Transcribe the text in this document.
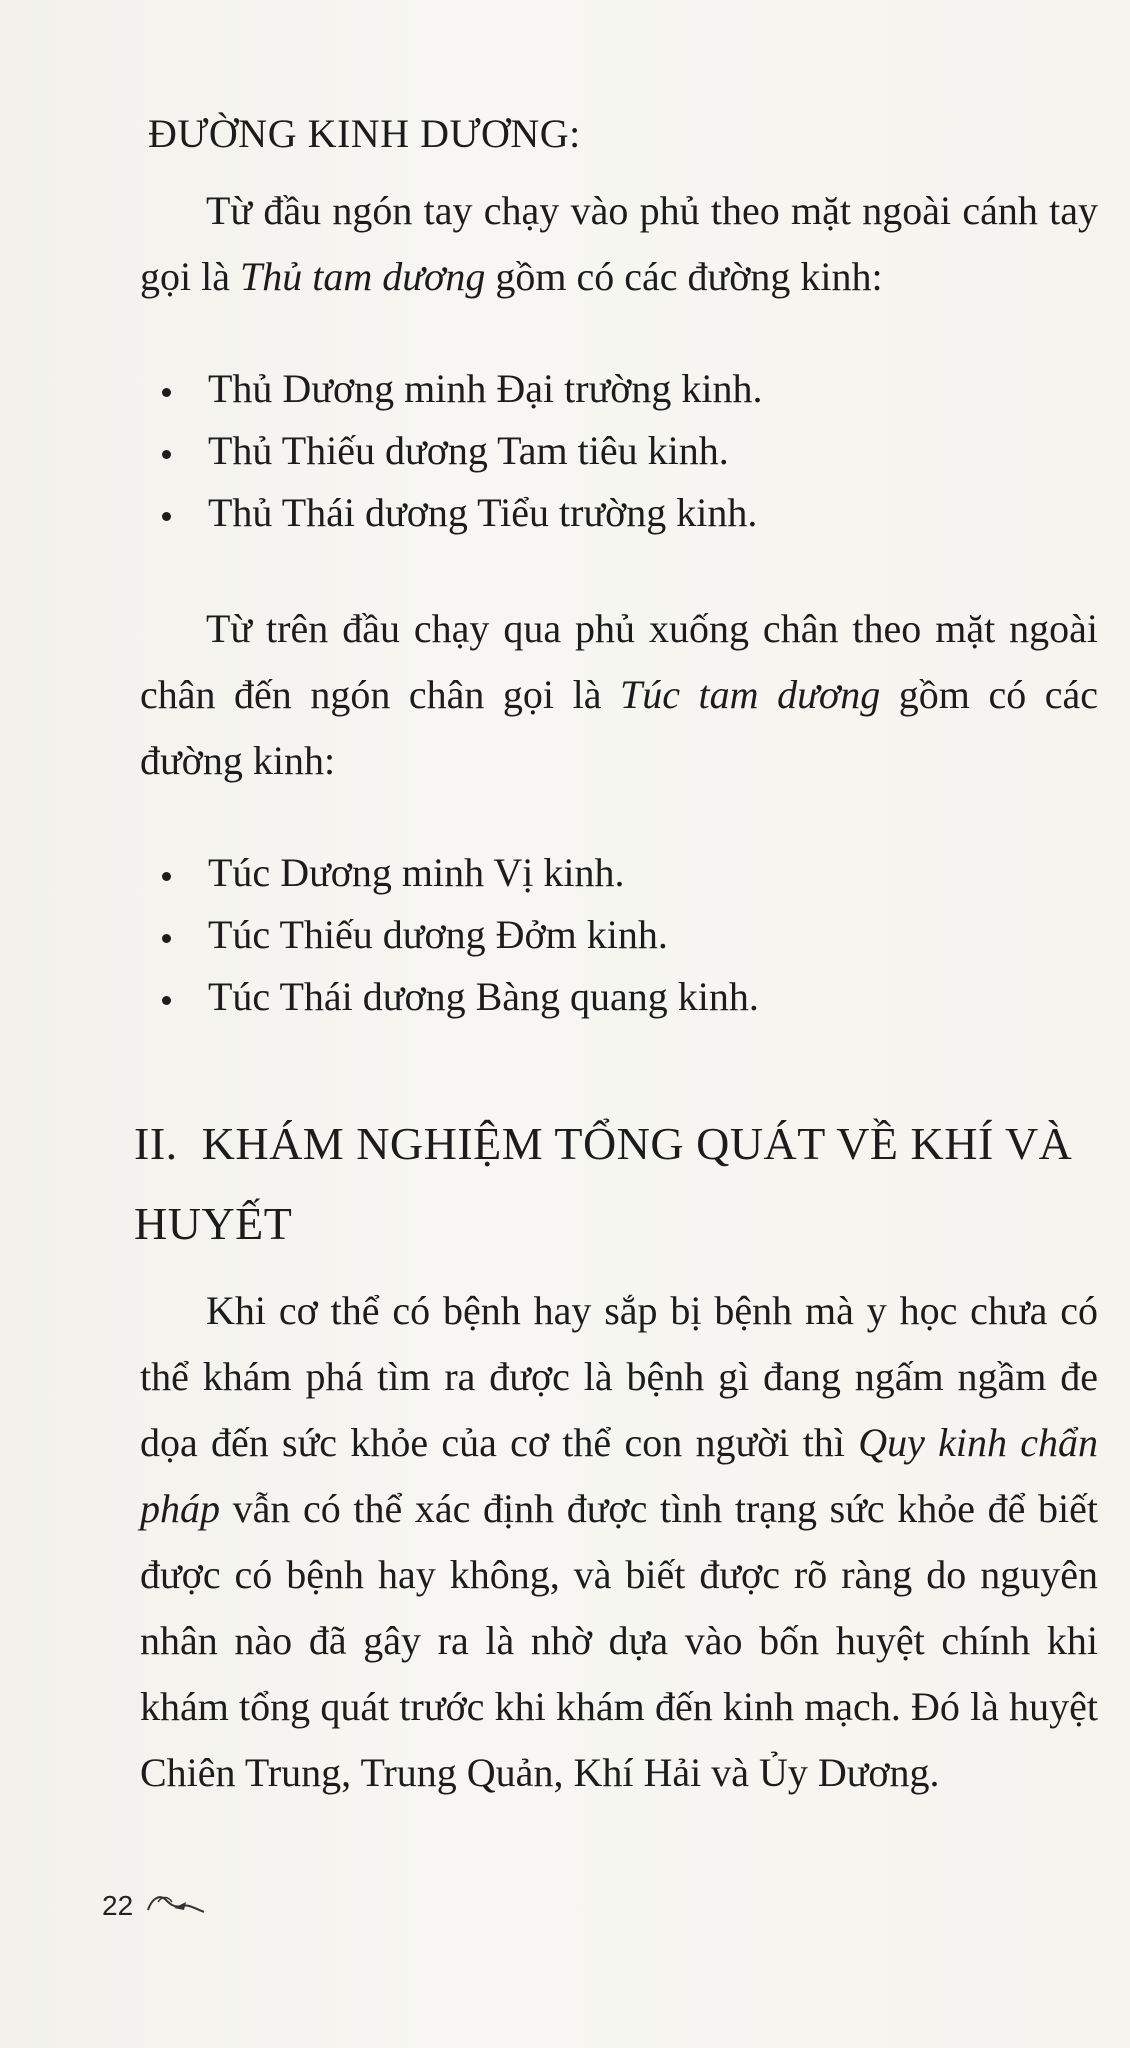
ĐƯỜNG KINH DƯƠNG:
Từ đầu ngón tay chạy vào phủ theo mặt ngoài cánh tay gọi là Thủ tam dương gồm có các đường kinh:
Thủ Dương minh Đại trường kinh.
Thủ Thiếu dương Tam tiêu kinh.
Thủ Thái dương Tiểu trường kinh.
Từ trên đầu chạy qua phủ xuống chân theo mặt ngoài chân đến ngón chân gọi là Túc tam dương gồm có các đường kinh:
Túc Dương minh Vị kinh.
Túc Thiếu dương Đởm kinh.
Túc Thái dương Bàng quang kinh.
II. KHÁM NGHIỆM TỔNG QUÁT VỀ KHÍ VÀ HUYẾT
Khi cơ thể có bệnh hay sắp bị bệnh mà y học chưa có thể khám phá tìm ra được là bệnh gì đang ngấm ngầm đe dọa đến sức khỏe của cơ thể con người thì Quy kinh chẩn pháp vẫn có thể xác định được tình trạng sức khỏe để biết được có bệnh hay không, và biết được rõ ràng do nguyên nhân nào đã gây ra là nhờ dựa vào bốn huyệt chính khi khám tổng quát trước khi khám đến kinh mạch. Đó là huyệt Chiên Trung, Trung Quản, Khí Hải và Ủy Dương.
22
